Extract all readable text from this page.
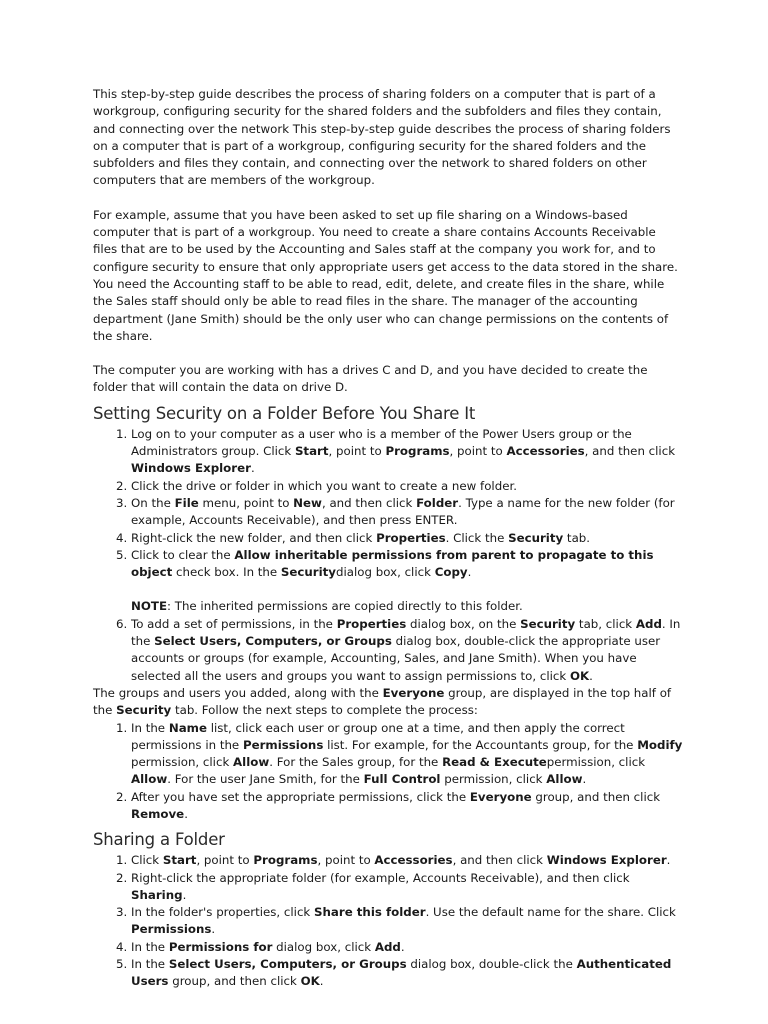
This step-by-step guide describes the process of sharing folders on a computer that is part of a workgroup, configuring security for the shared folders and the subfolders and files they contain, and connecting over the network This step-by-step guide describes the process of sharing folders on a computer that is part of a workgroup, configuring security for the shared folders and the subfolders and files they contain, and connecting over the network to shared folders on other computers that are members of the workgroup.

For example, assume that you have been asked to set up file sharing on a Windows-based computer that is part of a workgroup. You need to create a share contains Accounts Receivable files that are to be used by the Accounting and Sales staff at the company you work for, and to configure security to ensure that only appropriate users get access to the data stored in the share. You need the Accounting staff to be able to read, edit, delete, and create files in the share, while the Sales staff should only be able to read files in the share. The manager of the accounting department (Jane Smith) should be the only user who can change permissions on the contents of the share.

The computer you are working with has a drives C and D, and you have decided to create the folder that will contain the data on drive D.

Setting Security on a Folder Before You Share It
1. Log on to your computer as a user who is a member of the Power Users group or the Administrators group. Click Start, point to Programs, point to Accessories, and then click Windows Explorer.
2. Click the drive or folder in which you want to create a new folder.
3. On the File menu, point to New, and then click Folder. Type a name for the new folder (for example, Accounts Receivable), and then press ENTER.
4. Right-click the new folder, and then click Properties. Click the Security tab.
5. Click to clear the Allow inheritable permissions from parent to propagate to this object check box. In the Securitydialog box, click Copy.
NOTE: The inherited permissions are copied directly to this folder.
6. To add a set of permissions, in the Properties dialog box, on the Security tab, click Add. In the Select Users, Computers, or Groups dialog box, double-click the appropriate user accounts or groups (for example, Accounting, Sales, and Jane Smith). When you have selected all the users and groups you want to assign permissions to, click OK.

The groups and users you added, along with the Everyone group, are displayed in the top half of the Security tab. Follow the next steps to complete the process:

1. In the Name list, click each user or group one at a time, and then apply the correct permissions in the Permissions list. For example, for the Accountants group, for the Modify permission, click Allow. For the Sales group, for the Read & Executepermission, click Allow. For the user Jane Smith, for the Full Control permission, click Allow.
2. After you have set the appropriate permissions, click the Everyone group, and then click Remove.
Sharing a Folder
1. Click Start, point to Programs, point to Accessories, and then click Windows Explorer.
2. Right-click the appropriate folder (for example, Accounts Receivable), and then click Sharing.
3. In the folder's properties, click Share this folder. Use the default name for the share. Click Permissions.
4. In the Permissions for dialog box, click Add.
5. In the Select Users, Computers, or Groups dialog box, double-click the Authenticated Users group, and then click OK.
